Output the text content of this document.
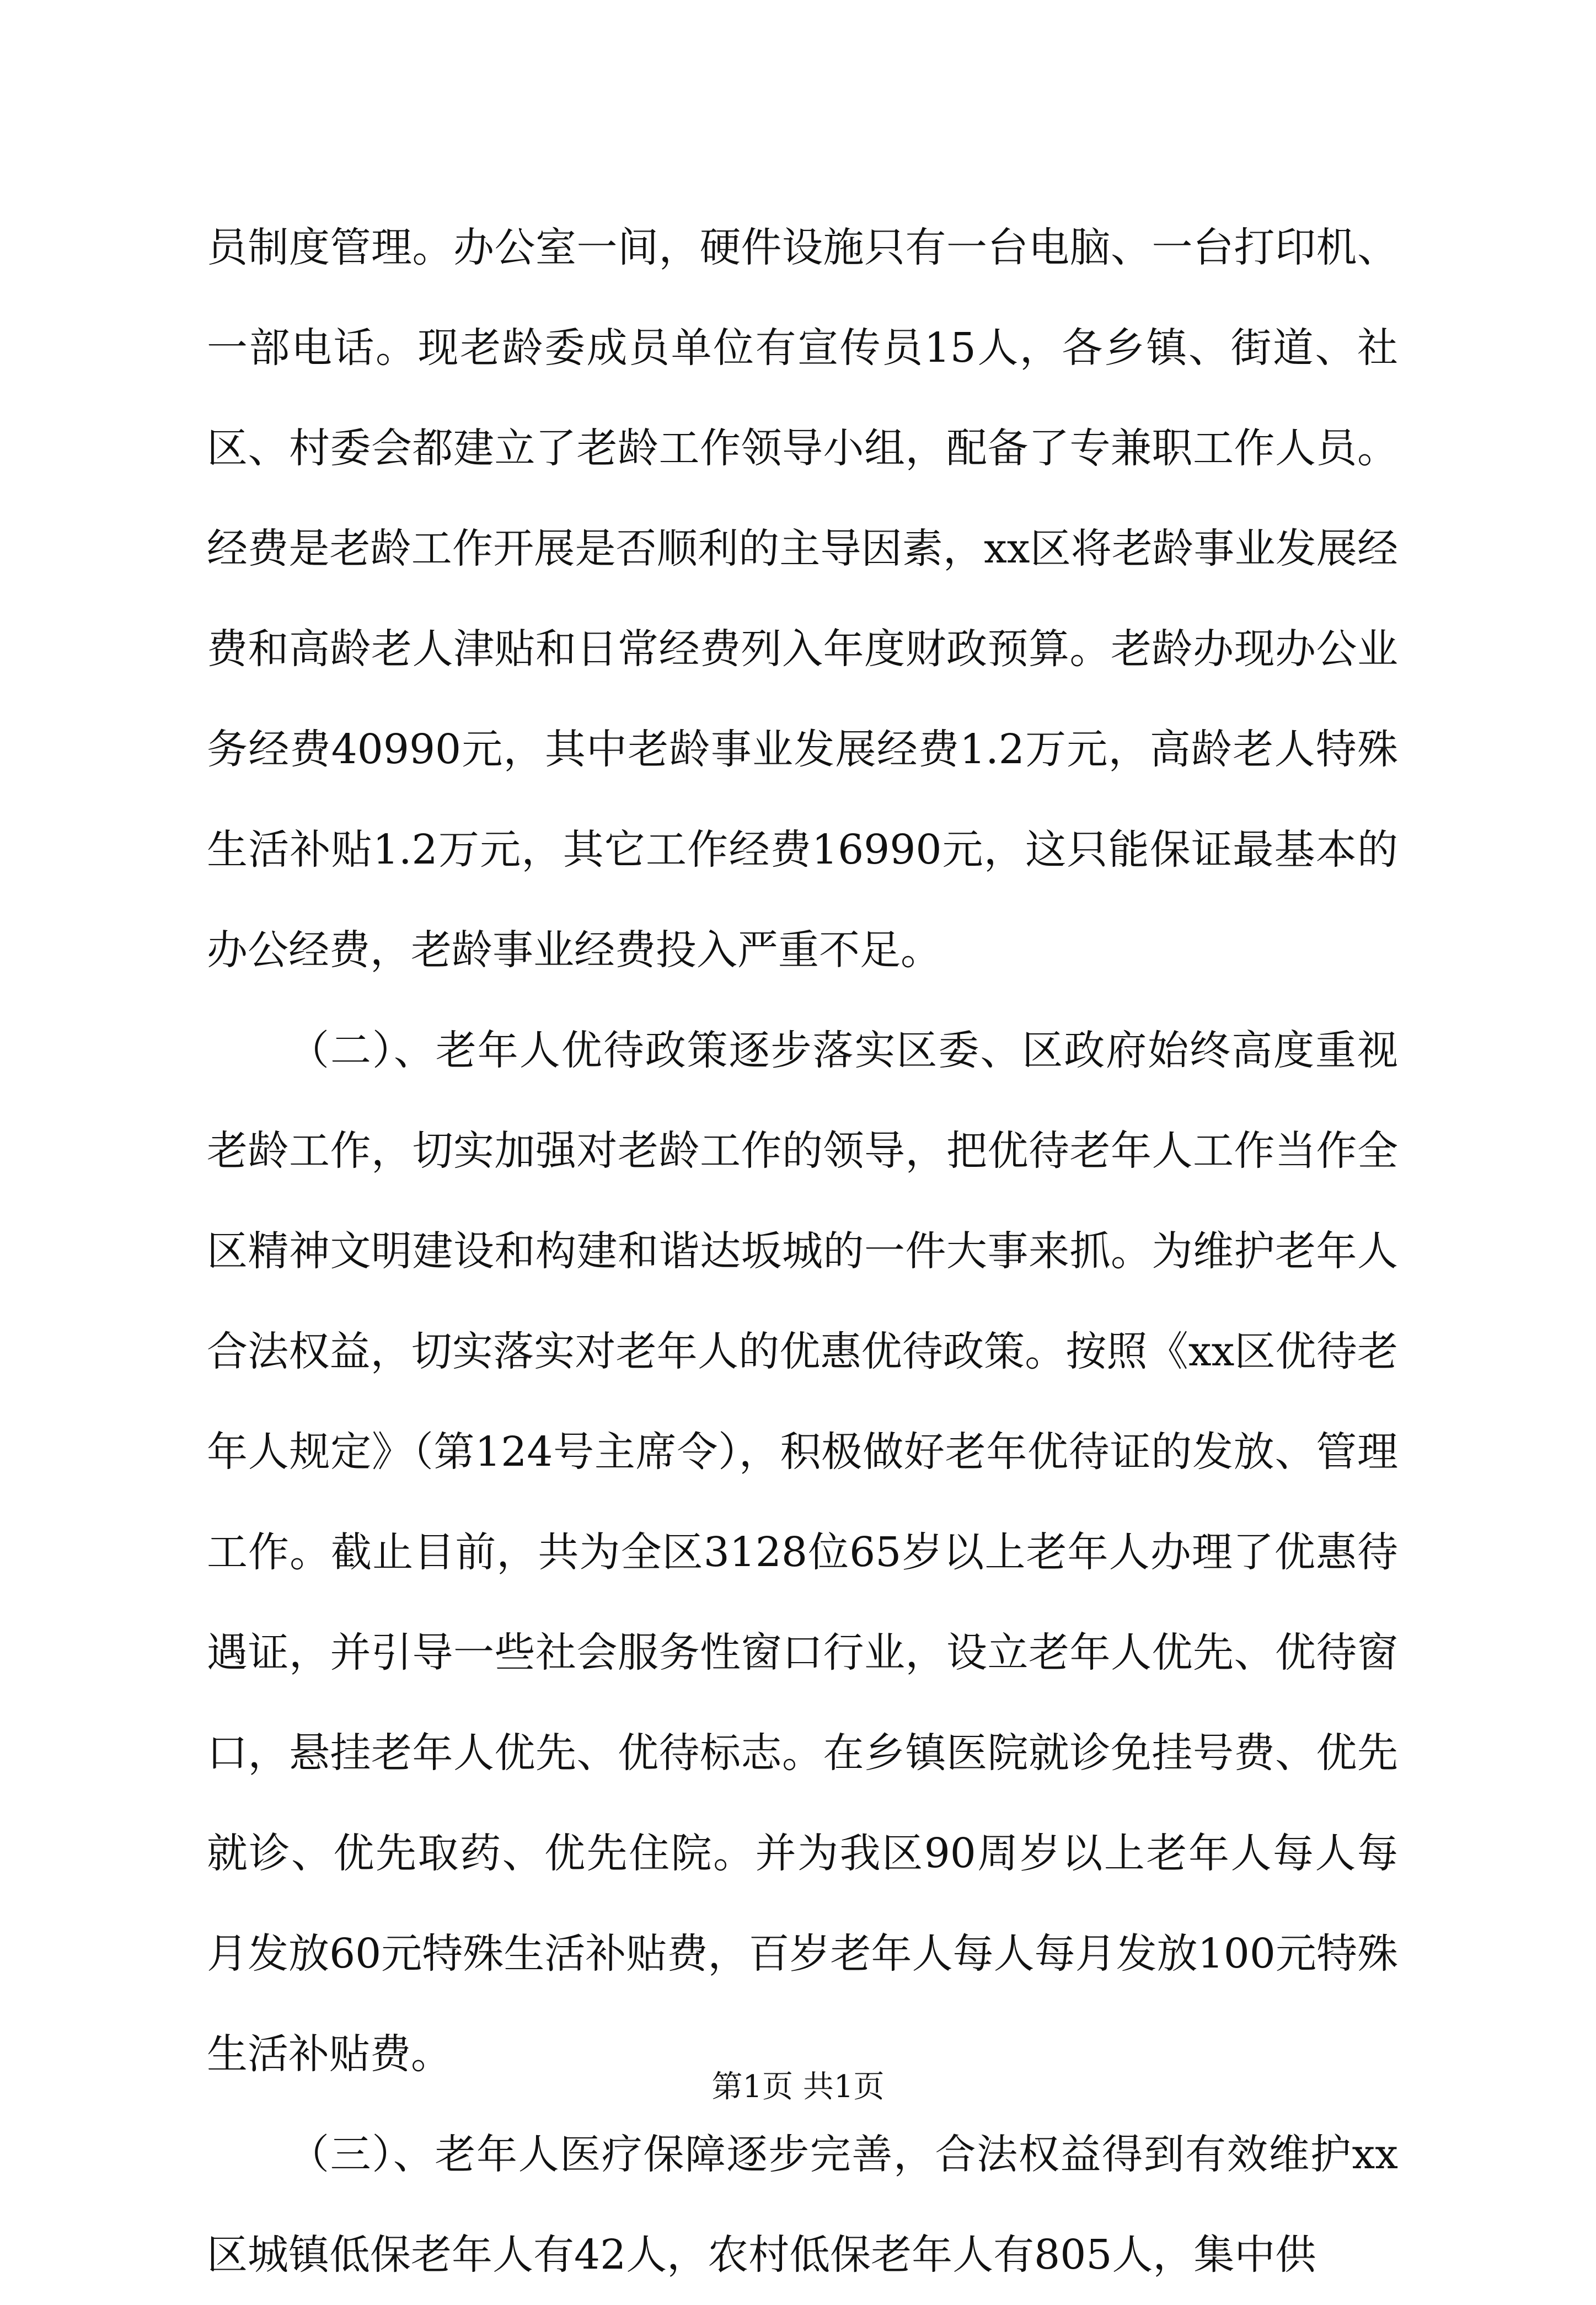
员制度管理。办公室一间，硬件设施只有一台电脑、一台打印机、一部电话。现老龄委成员单位有宣传员15人，各乡镇、街道、社区、村委会都建立了老龄工作领导小组，配备了专兼职工作人员。经费是老龄工作开展是否顺利的主导因素，xx区将老龄事业发展经费和高龄老人津贴和日常经费列入年度财政预算。老龄办现办公业务经费40990元，其中老龄事业发展经费1.2万元，高龄老人特殊生活补贴1.2万元，其它工作经费16990元，这只能保证最基本的办公经费，老龄事业经费投入严重不足。

（二）、老年人优待政策逐步落实区委、区政府始终高度重视老龄工作，切实加强对老龄工作的领导，把优待老年人工作当作全区精神文明建设和构建和谐达坂城的一件大事来抓。为维护老年人合法权益，切实落实对老年人的优惠优待政策。按照《xx区优待老年人规定》（第124号主席令），积极做好老年优待证的发放、管理工作。截止目前，共为全区3128位65岁以上老年人办理了优惠待遇证，并引导一些社会服务性窗口行业，设立老年人优先、优待窗口，悬挂老年人优先、优待标志。在乡镇医院就诊免挂号费、优先就诊、优先取药、优先住院。并为我区90周岁以上老年人每人每月发放60元特殊生活补贴费，百岁老年人每人每月发放100元特殊生活补贴费。

（三）、老年人医疗保障逐步完善，合法权益得到有效维护xx区城镇低保老年人有42人，农村低保老年人有805人，集中供

第1页 共1页
